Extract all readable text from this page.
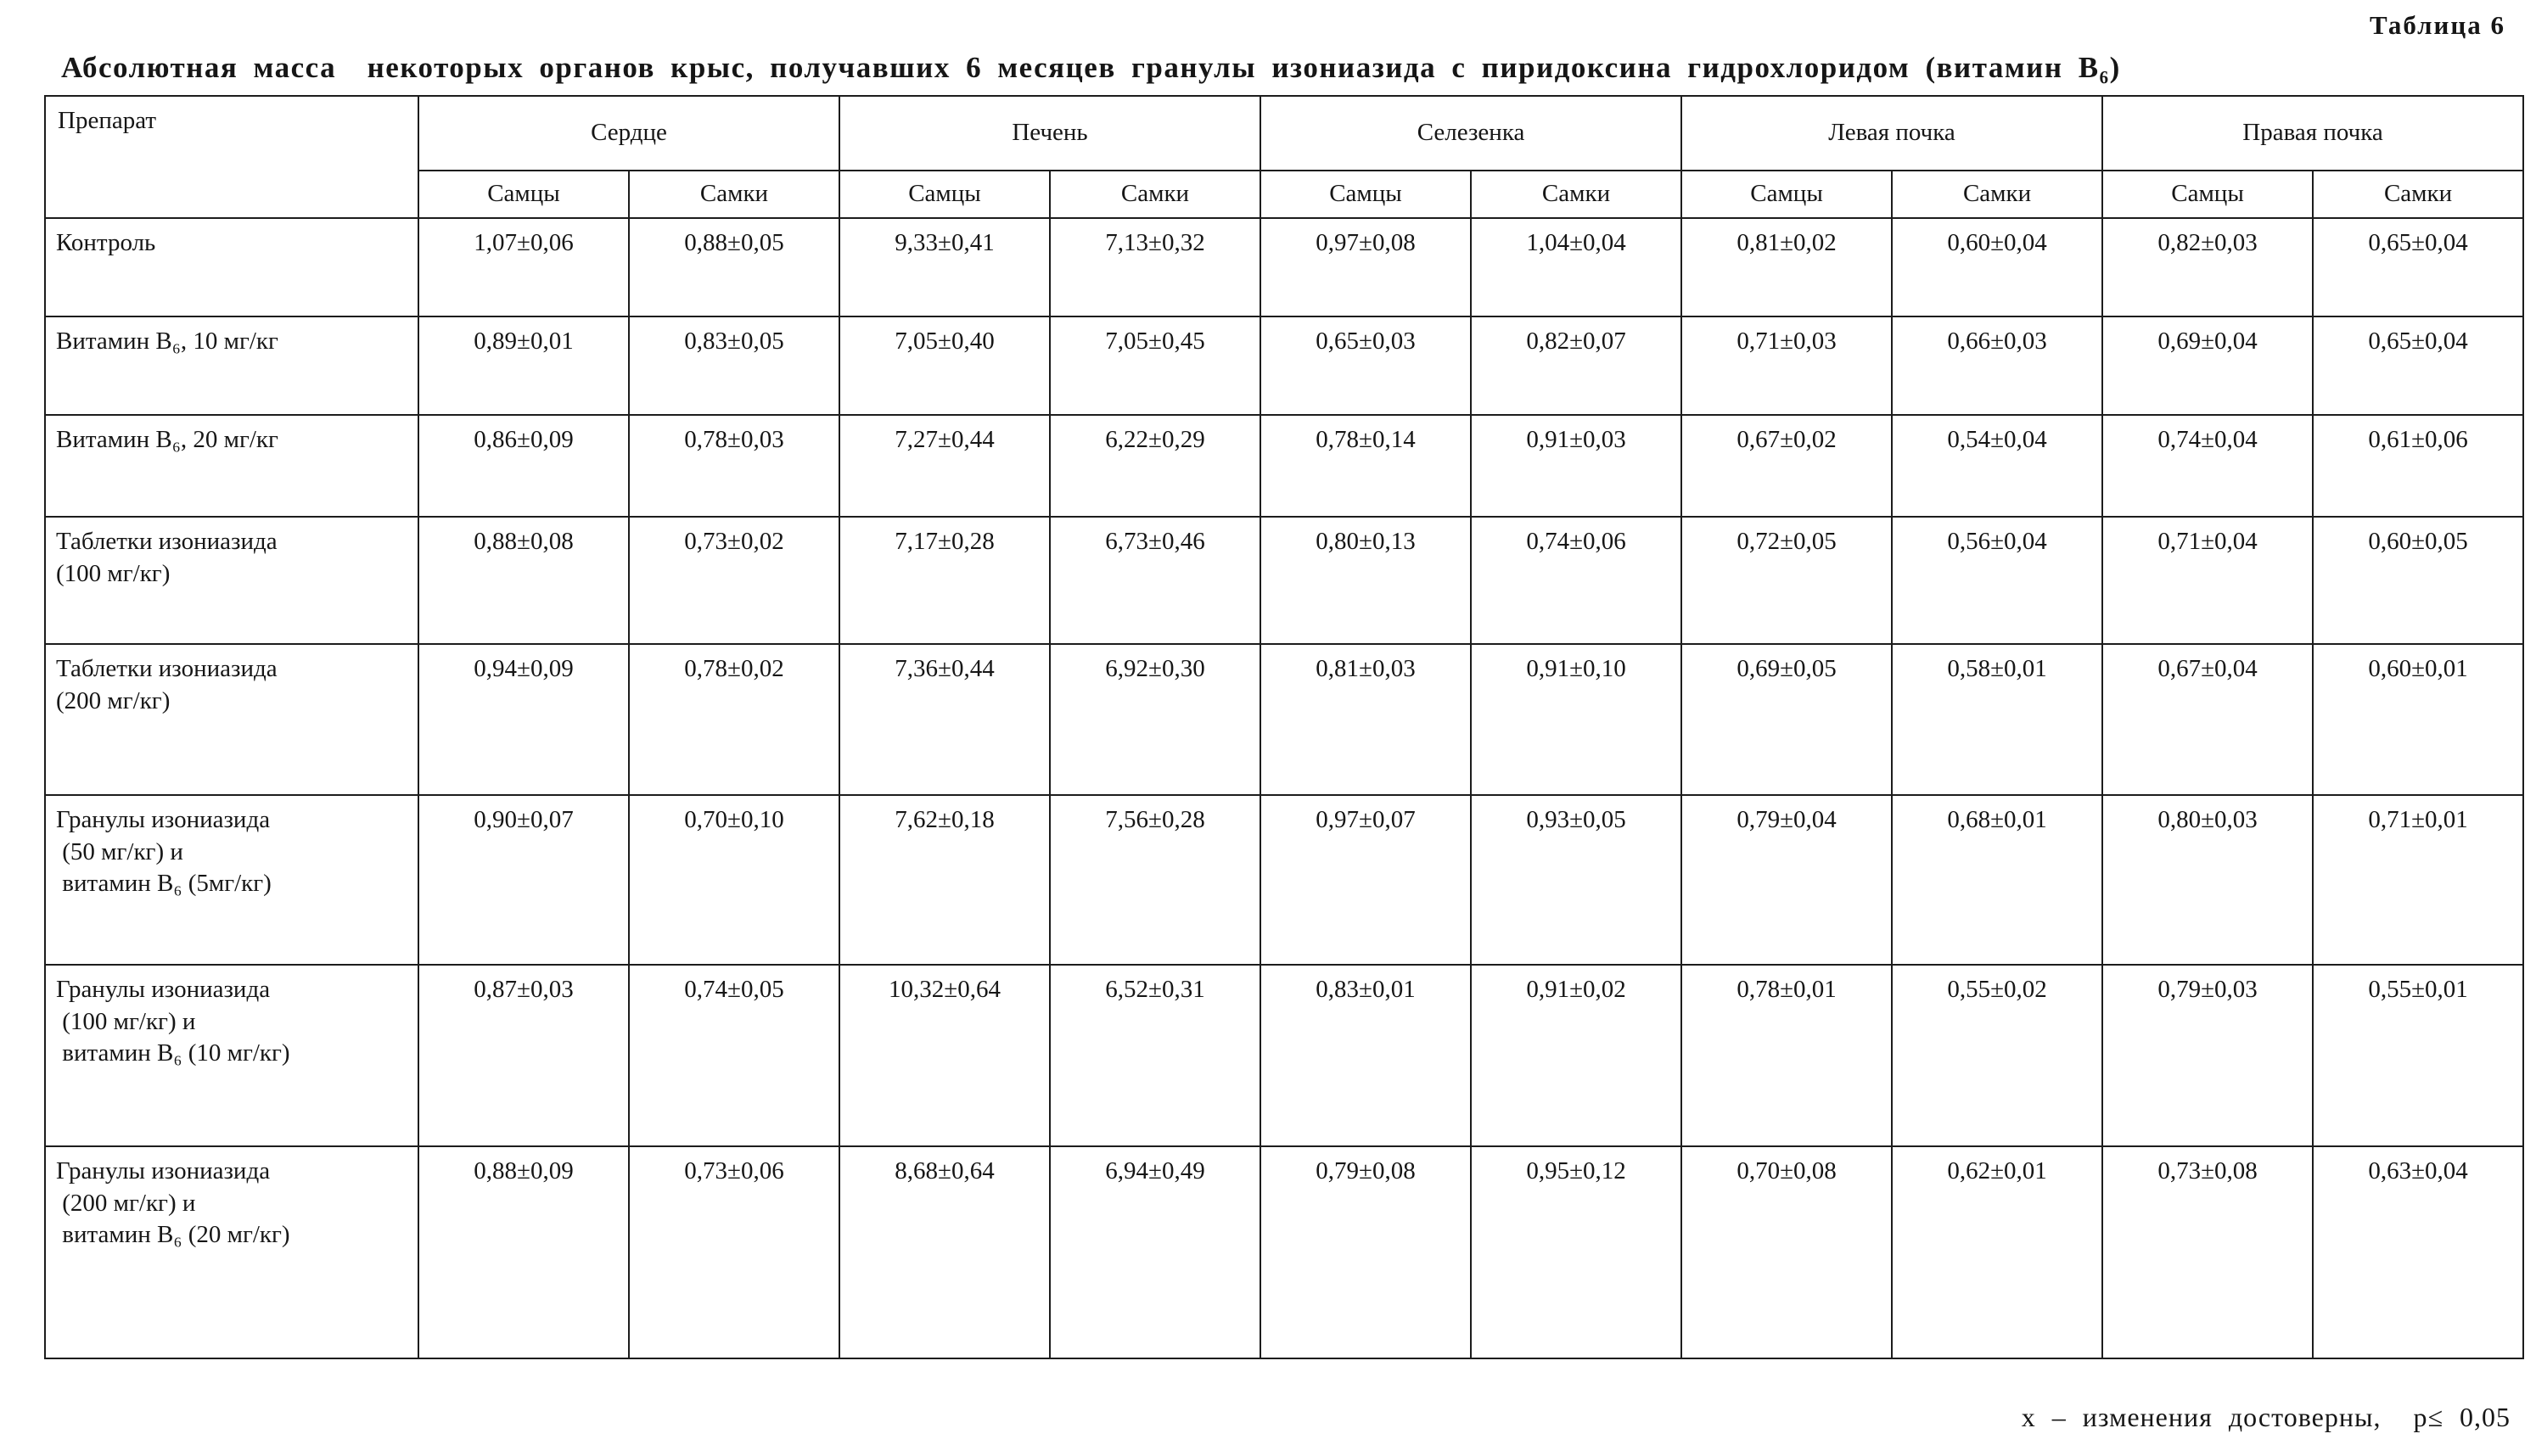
Таблица 6
Абсолютная масса  некоторых органов крыс, получавших 6 месяцев гранулы изониазида с пиридоксина гидрохлоридом (витамин В₆)
Препарат	Сердце		Печень		Селезенка		Левая почка		Правая почка	
	Самцы	Самки	Самцы	Самки	Самцы	Самки	Самцы	Самки	Самцы	Самки
Контроль	1,07±0,06	0,88±0,05	9,33±0,41	7,13±0,32	0,97±0,08	1,04±0,04	0,81±0,02	0,60±0,04	0,82±0,03	0,65±0,04
Витамин В₆, 10 мг/кг	0,89±0,01	0,83±0,05	7,05±0,40	7,05±0,45	0,65±0,03	0,82±0,07	0,71±0,03	0,66±0,03	0,69±0,04	0,65±0,04
Витамин В₆, 20 мг/кг	0,86±0,09	0,78±0,03	7,27±0,44	6,22±0,29	0,78±0,14	0,91±0,03	0,67±0,02	0,54±0,04	0,74±0,04	0,61±0,06
Таблетки изониазида
(100 мг/кг)	0,88±0,08	0,73±0,02	7,17±0,28	6,73±0,46	0,80±0,13	0,74±0,06	0,72±0,05	0,56±0,04	0,71±0,04	0,60±0,05
Таблетки изониазида
(200 мг/кг)	0,94±0,09	0,78±0,02	7,36±0,44	6,92±0,30	0,81±0,03	0,91±0,10	0,69±0,05	0,58±0,01	0,67±0,04	0,60±0,01
Гранулы изониазида
(50 мг/кг) и
витамин В₆ (5мг/кг)	0,90±0,07	0,70±0,10	7,62±0,18	7,56±0,28	0,97±0,07	0,93±0,05	0,79±0,04	0,68±0,01	0,80±0,03	0,71±0,01
Гранулы изониазида
(100 мг/кг) и
витамин В₆ (10 мг/кг)	0,87±0,03	0,74±0,05	10,32±0,64	6,52±0,31	0,83±0,01	0,91±0,02	0,78±0,01	0,55±0,02	0,79±0,03	0,55±0,01
Гранулы изониазида
(200 мг/кг) и
витамин В₆ (20 мг/кг)	0,88±0,09	0,73±0,06	8,68±0,64	6,94±0,49	0,79±0,08	0,95±0,12	0,70±0,08	0,62±0,01	0,73±0,08	0,63±0,04
х – изменения достоверны,  р≤ 0,05
